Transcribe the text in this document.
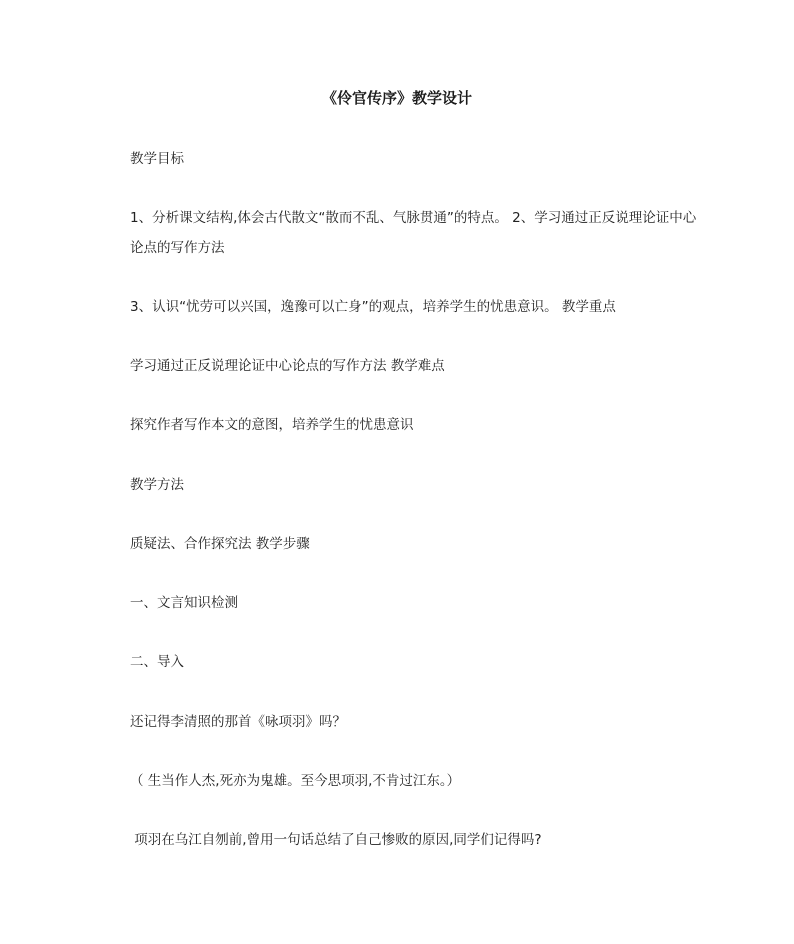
《伶官传序》教学设计
教学目标
1、分析课文结构,体会古代散文“散而不乱、气脉贯通”的特点。 2、学习通过正反说理论证中心论点的写作方法
3、认识“忧劳可以兴国，逸豫可以亡身”的观点，培养学生的忧患意识。 教学重点
学习通过正反说理论证中心论点的写作方法 教学难点
探究作者写作本文的意图，培养学生的忧患意识
教学方法
质疑法、合作探究法 教学步骤
一、文言知识检测
二、导入
还记得李清照的那首《咏项羽》吗？
（ 生当作人杰,死亦为鬼雄。至今思项羽,不肯过江东。）
项羽在乌江自刎前,曾用一句话总结了自己惨败的原因,同学们记得吗?
